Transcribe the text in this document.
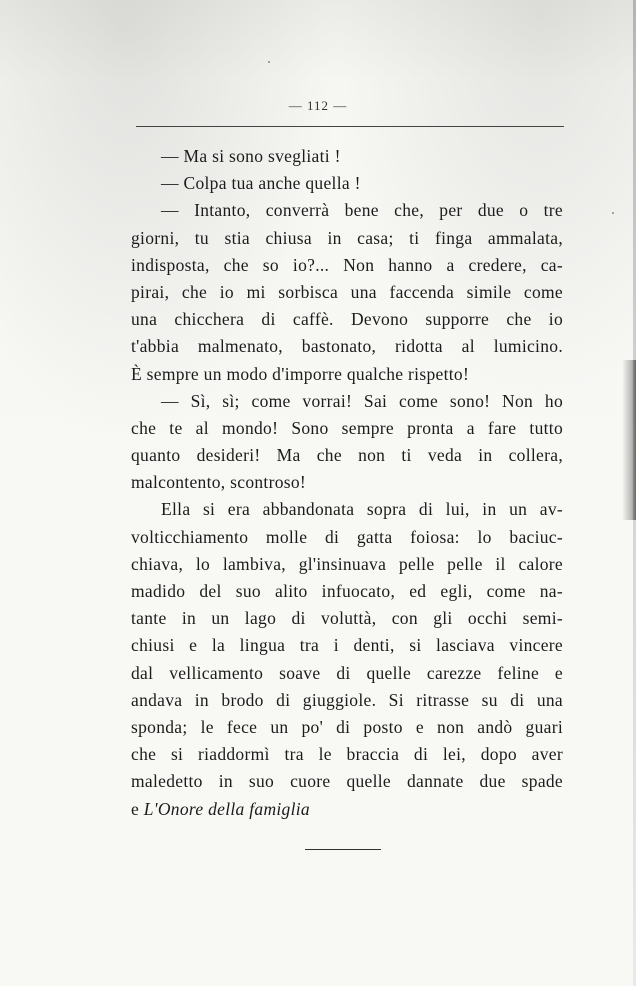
— 112 —
— Ma si sono svegliati !
— Colpa tua anche quella !
— Intanto, converrà bene che, per due o tre
giorni, tu stia chiusa in casa; ti finga ammalata,
indisposta, che so io?... Non hanno a credere, ca-
pirai, che io mi sorbisca una faccenda simile come
una chicchera di caffè. Devono supporre che io
t'abbia malmenato, bastonato, ridotta al lumicino.
È sempre un modo d'imporre qualche rispetto!
— Sì, sì; come vorrai! Sai come sono! Non ho
che te al mondo! Sono sempre pronta a fare tutto
quanto desideri! Ma che non ti veda in collera,
malcontento, scontroso!
Ella si era abbandonata sopra di lui, in un av-
volticchiamento molle di gatta foiosa: lo baciuc-
chiava, lo lambiva, gl'insinuava pelle pelle il calore
madido del suo alito infuocato, ed egli, come na-
tante in un lago di voluttà, con gli occhi semi-
chiusi e la lingua tra i denti, si lasciava vincere
dal vellicamento soave di quelle carezze feline e
andava in brodo di giuggiole. Si ritrasse su di una
sponda; le fece un po' di posto e non andò guari
che si riaddormì tra le braccia di lei, dopo aver
maledetto in suo cuore quelle dannate due spade
e L'Onore della famiglia
